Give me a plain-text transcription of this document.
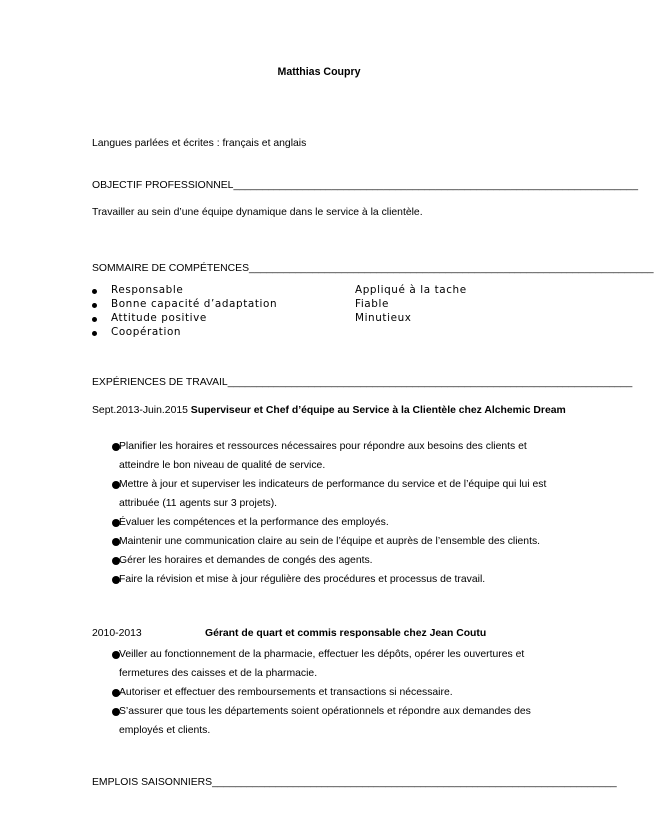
Matthias Coupry
Langues parlées et écrites : français et anglais
OBJECTIF PROFESSIONNEL______________________________________________________________________
Travailler au sein d’une équipe dynamique dans le service à la clientèle.
SOMMAIRE DE COMPÉTENCES______________________________________________________________________
Responsable
Bonne capacité d’adaptation
Attitude positive
Coopération
Appliqué à la tache
Fiable
Minutieux
EXPÉRIENCES DE TRAVAIL______________________________________________________________________
Sept.2013-Juin.2015 Superviseur et Chef d’équipe au Service à la Clientèle chez Alchemic Dream
Planifier les horaires et ressources nécessaires pour répondre aux besoins des clients et atteindre le bon niveau de qualité de service.
Mettre à jour et superviser les indicateurs de performance du service et de l’équipe qui lui est attribuée (11 agents sur 3 projets).
Évaluer les compétences et la performance des employés.
Maintenir une communication claire au sein de l’équipe et auprès de l’ensemble des clients.
Gérer les horaires et demandes de congés des agents.
Faire la révision et mise à jour régulière des procédures et processus de travail.
2010-2013	Gérant de quart et commis responsable chez Jean Coutu
Veiller au fonctionnement de la pharmacie, effectuer les dépôts, opérer les ouvertures et fermetures des caisses et de la pharmacie.
Autoriser et effectuer des remboursements et transactions si nécessaire.
S’assurer que tous les départements soient opérationnels et répondre aux demandes des employés et clients.
EMPLOIS SAISONNIERS______________________________________________________________________
